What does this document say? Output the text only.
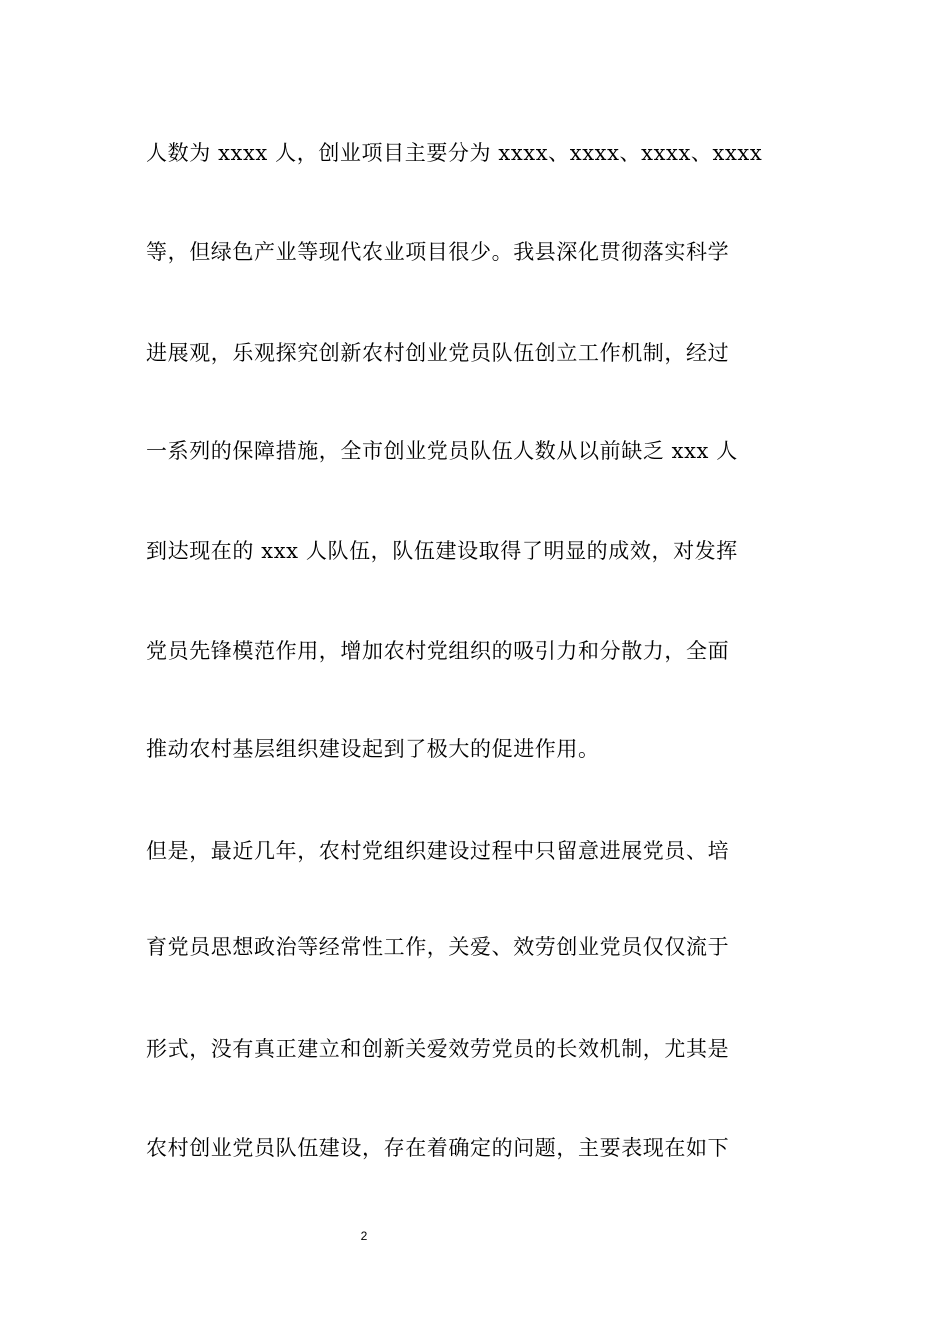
人数为 xxxx 人，创业项目主要分为 xxxx、xxxx、xxxx、xxxx
等，但绿色产业等现代农业项目很少。我县深化贯彻落实科学
进展观，乐观探究创新农村创业党员队伍创立工作机制，经过
一系列的保障措施，全市创业党员队伍人数从以前缺乏 xxx 人
到达现在的 xxx 人队伍，队伍建设取得了明显的成效，对发挥
党员先锋模范作用，增加农村党组织的吸引力和分散力，全面
推动农村基层组织建设起到了极大的促进作用。
但是，最近几年，农村党组织建设过程中只留意进展党员、培
育党员思想政治等经常性工作，关爱、效劳创业党员仅仅流于
形式，没有真正建立和创新关爱效劳党员的长效机制，尤其是
农村创业党员队伍建设，存在着确定的问题，主要表现在如下
2
